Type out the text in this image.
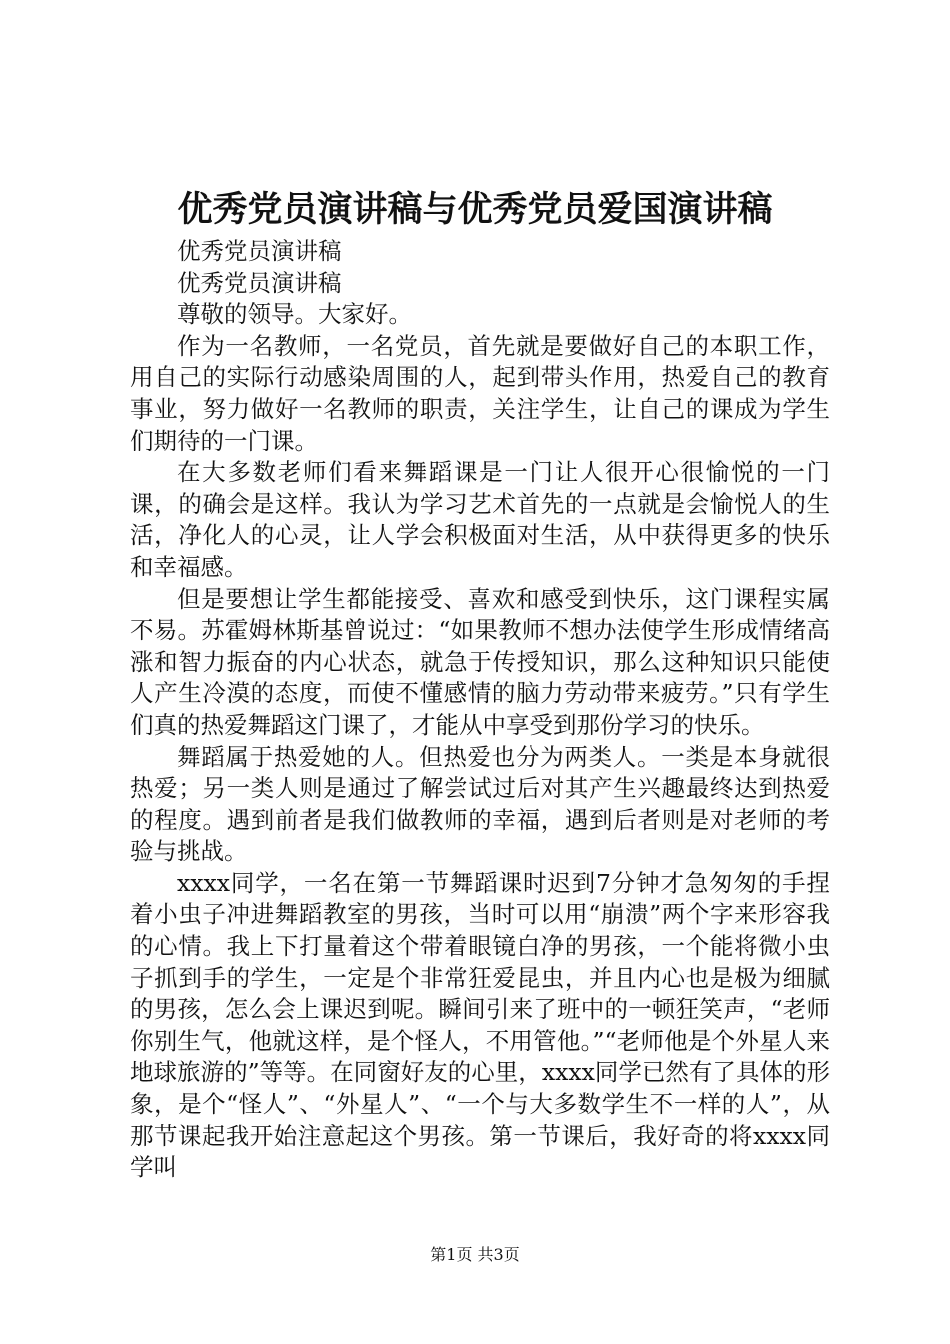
优秀党员演讲稿与优秀党员爱国演讲稿

优秀党员演讲稿

优秀党员演讲稿

尊敬的领导。大家好。

作为一名教师，一名党员，首先就是要做好自己的本职工作，用自己的实际行动感染周围的人，起到带头作用，热爱自己的教育事业，努力做好一名教师的职责，关注学生，让自己的课成为学生们期待的一门课。

在大多数老师们看来舞蹈课是一门让人很开心很愉悦的一门课，的确会是这样。我认为学习艺术首先的一点就是会愉悦人的生活，净化人的心灵，让人学会积极面对生活，从中获得更多的快乐和幸福感。

但是要想让学生都能接受、喜欢和感受到快乐，这门课程实属不易。苏霍姆林斯基曾说过：“如果教师不想办法使学生形成情绪高涨和智力振奋的内心状态，就急于传授知识，那么这种知识只能使人产生冷漠的态度，而使不懂感情的脑力劳动带来疲劳。”只有学生们真的热爱舞蹈这门课了，才能从中享受到那份学习的快乐。

舞蹈属于热爱她的人。但热爱也分为两类人。一类是本身就很热爱；另一类人则是通过了解尝试过后对其产生兴趣最终达到热爱的程度。遇到前者是我们做教师的幸福，遇到后者则是对老师的考验与挑战。

xxxx同学，一名在第一节舞蹈课时迟到7分钟才急匆匆的手捏着小虫子冲进舞蹈教室的男孩，当时可以用“崩溃”两个字来形容我的心情。我上下打量着这个带着眼镜白净的男孩，一个能将微小虫子抓到手的学生，一定是个非常狂爱昆虫，并且内心也是极为细腻的男孩，怎么会上课迟到呢。瞬间引来了班中的一顿狂笑声，“老师你别生气，他就这样，是个怪人，不用管他。”“老师他是个外星人来地球旅游的”等等。在同窗好友的心里，xxxx同学已然有了具体的形象，是个“怪人”、“外星人”、“一个与大多数学生不一样的人”，从那节课起我开始注意起这个男孩。第一节课后，我好奇的将xxxx同学叫

第1页 共3页
